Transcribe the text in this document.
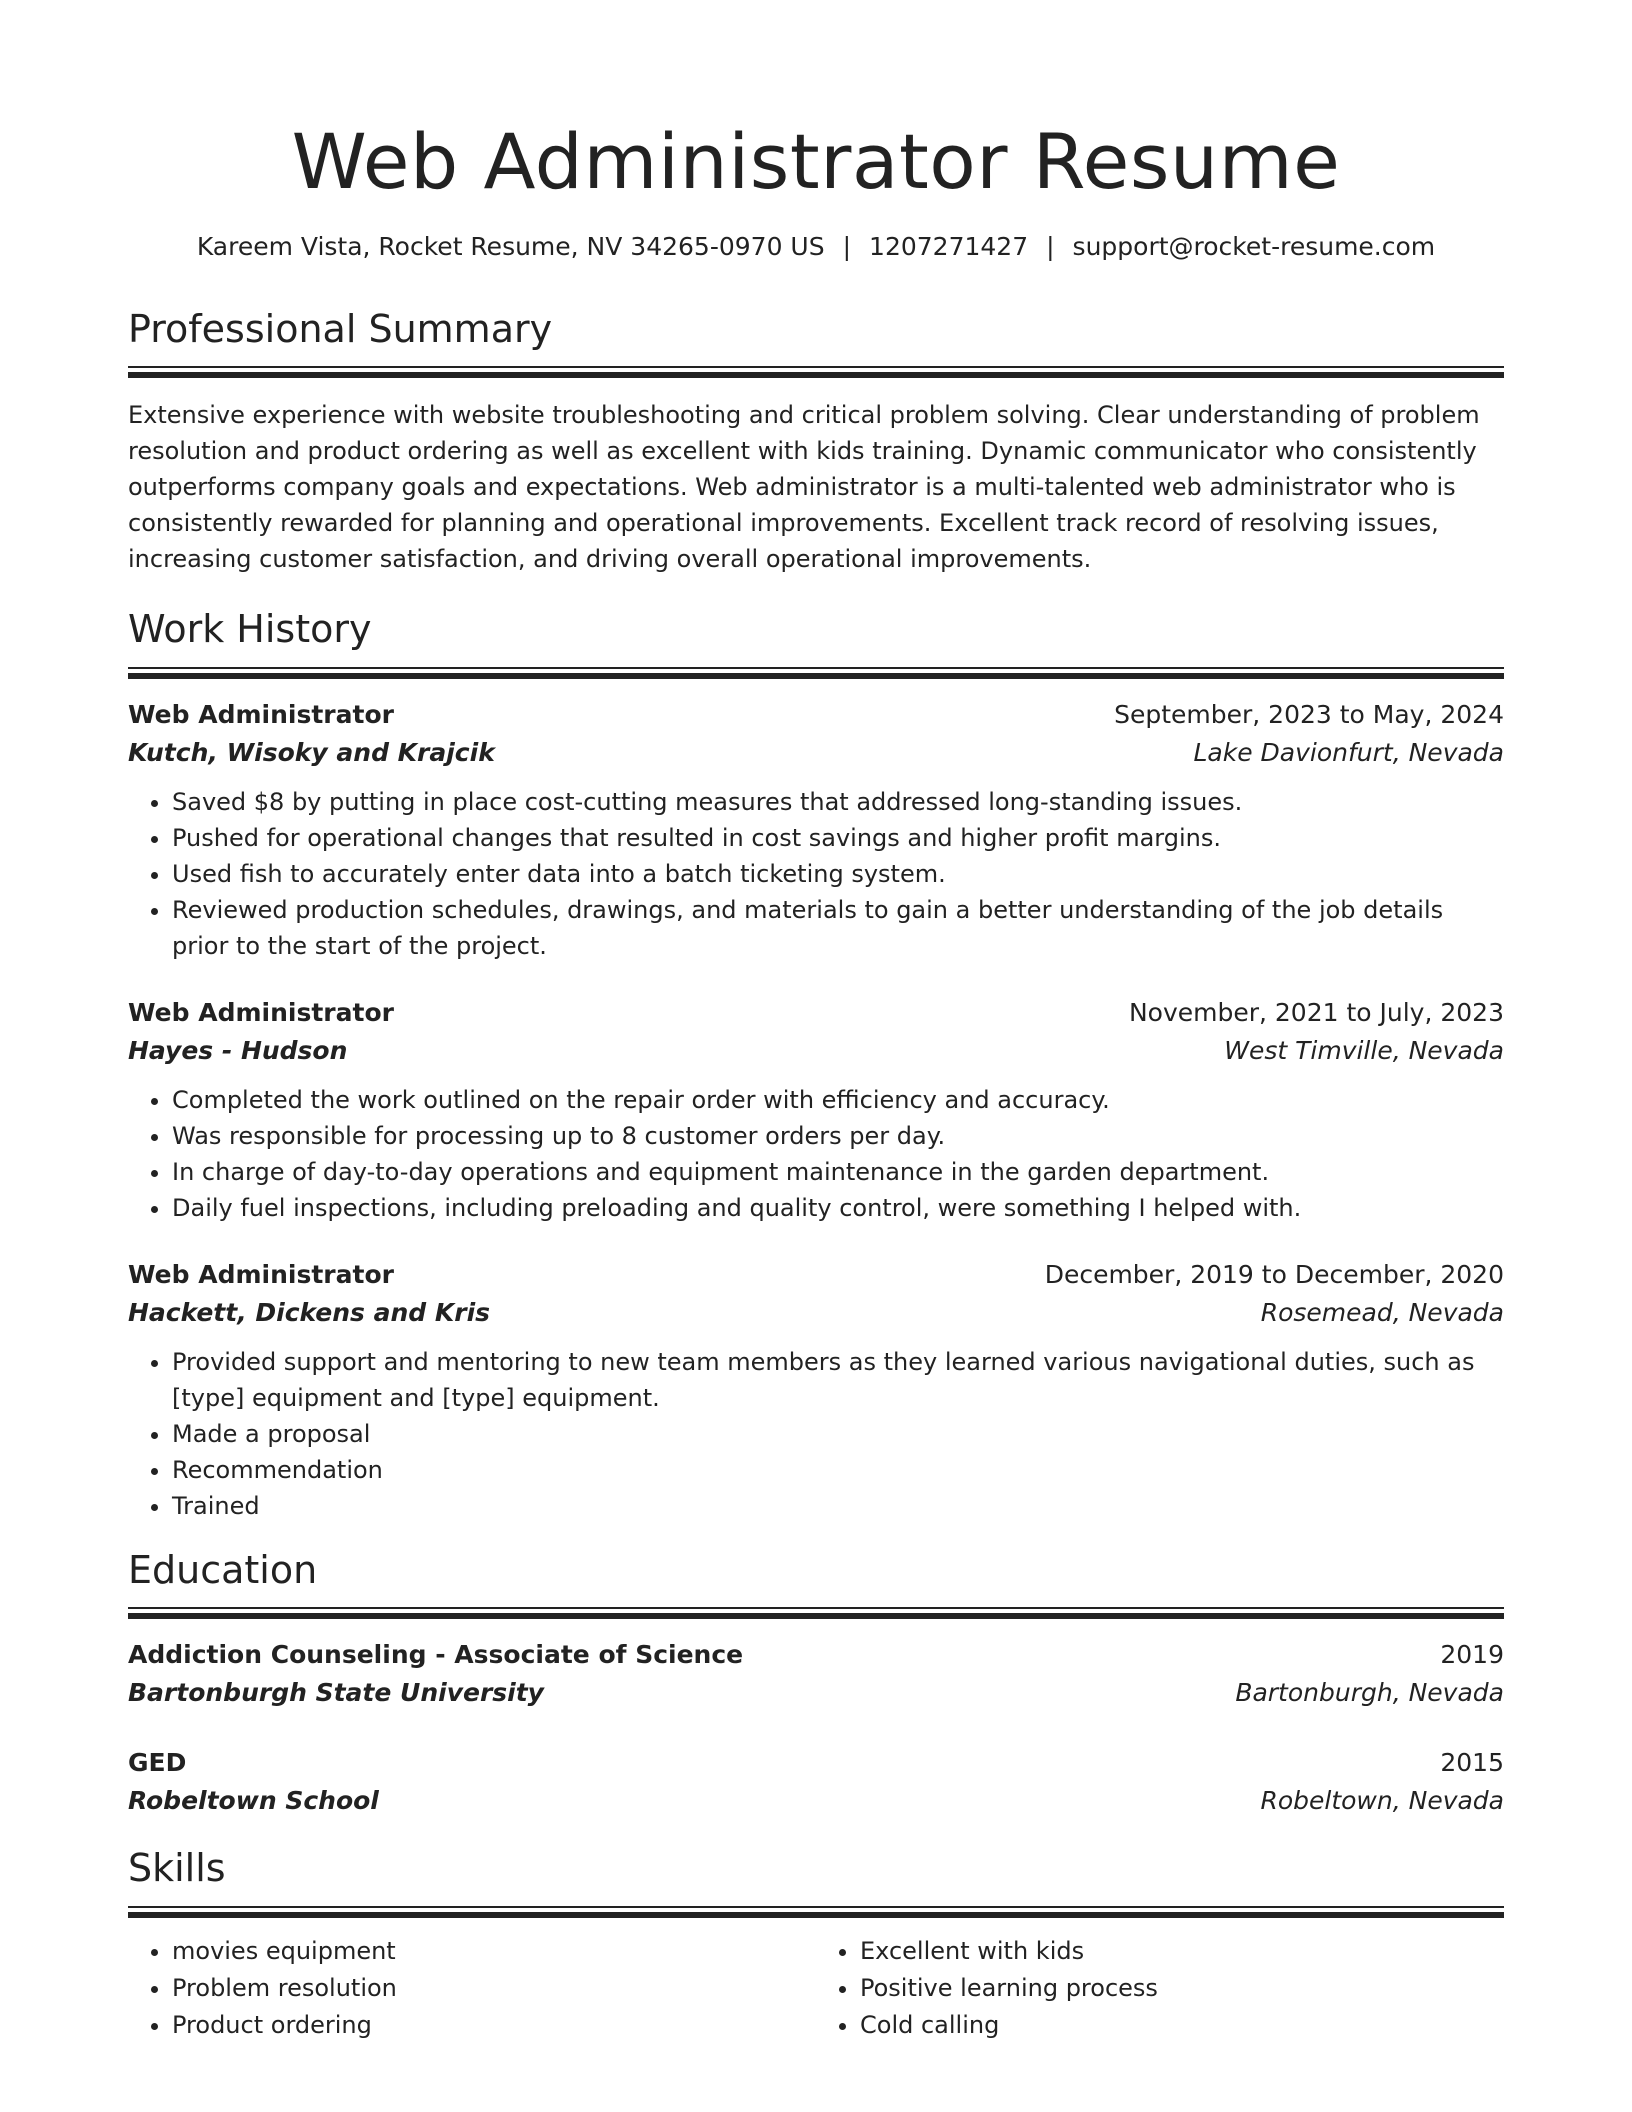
Web Administrator Resume
Kareem Vista, Rocket Resume, NV 34265-0970 US | 1207271427 | support@rocket-resume.com
Professional Summary

Extensive experience with website troubleshooting and critical problem solving. Clear understanding of problem resolution and product ordering as well as excellent with kids training. Dynamic communicator who consistently outperforms company goals and expectations. Web administrator is a multi-talented web administrator who is consistently rewarded for planning and operational improvements. Excellent track record of resolving issues, increasing customer satisfaction, and driving overall operational improvements.

Work History
Web Administrator	September, 2023 to May, 2024
Kutch, Wisoky and Krajcik	Lake Davionfurt, Nevada
• Saved $8 by putting in place cost-cutting measures that addressed long-standing issues.
• Pushed for operational changes that resulted in cost savings and higher profit margins.
• Used fish to accurately enter data into a batch ticketing system.
• Reviewed production schedules, drawings, and materials to gain a better understanding of the job details prior to the start of the project.
Web Administrator	November, 2021 to July, 2023
Hayes - Hudson	West Timville, Nevada
• Completed the work outlined on the repair order with efficiency and accuracy.
• Was responsible for processing up to 8 customer orders per day.
• In charge of day-to-day operations and equipment maintenance in the garden department.
• Daily fuel inspections, including preloading and quality control, were something I helped with.
Web Administrator	December, 2019 to December, 2020
Hackett, Dickens and Kris	Rosemead, Nevada
• Provided support and mentoring to new team members as they learned various navigational duties, such as [type] equipment and [type] equipment.
• Made a proposal
• Recommendation
• Trained
Education
Addiction Counseling - Associate of Science	2019
Bartonburgh State University	Bartonburgh, Nevada
GED	2015
Robeltown School	Robeltown, Nevada
Skills
• movies equipment
• Problem resolution
• Product ordering
• Excellent with kids
• Positive learning process
• Cold calling
